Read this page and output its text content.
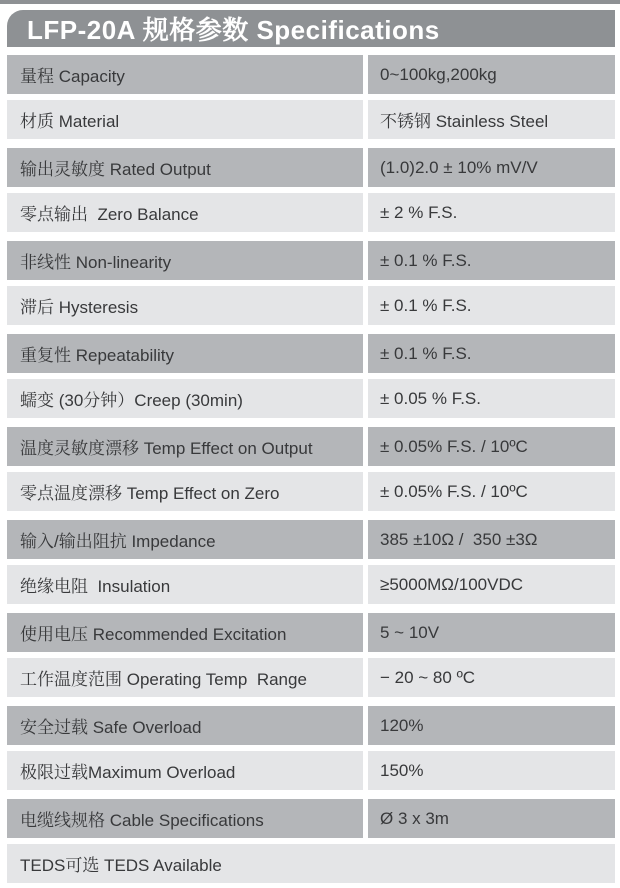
LFP-20A 规格参数 Specifications
量程 Capacity	0~100kg,200kg
材质 Material	不锈钢 Stainless Steel
输出灵敏度 Rated Output	(1.0)2.0 ± 10% mV/V
零点输出  Zero Balance	± 2 % F.S.
非线性 Non-linearity	± 0.1 % F.S.
滞后 Hysteresis	± 0.1 % F.S.
重复性 Repeatability	± 0.1 % F.S.
蠕变 (30分钟）Creep (30min)	± 0.05 % F.S.
温度灵敏度漂移 Temp Effect on Output	± 0.05% F.S. / 10ºC
零点温度漂移 Temp Effect on Zero	± 0.05% F.S. / 10ºC
输入/输出阻抗 Impedance	385 ±10Ω /  350 ±3Ω
绝缘电阻  Insulation	≥5000MΩ/100VDC
使用电压 Recommended Excitation	5 ~ 10V
工作温度范围 Operating Temp  Range	− 20 ~ 80 ºC
安全过载 Safe Overload	120%
极限过载Maximum Overload	150%
电缆线规格 Cable Specifications	Ø 3 x 3m
TEDS可选 TEDS Available
